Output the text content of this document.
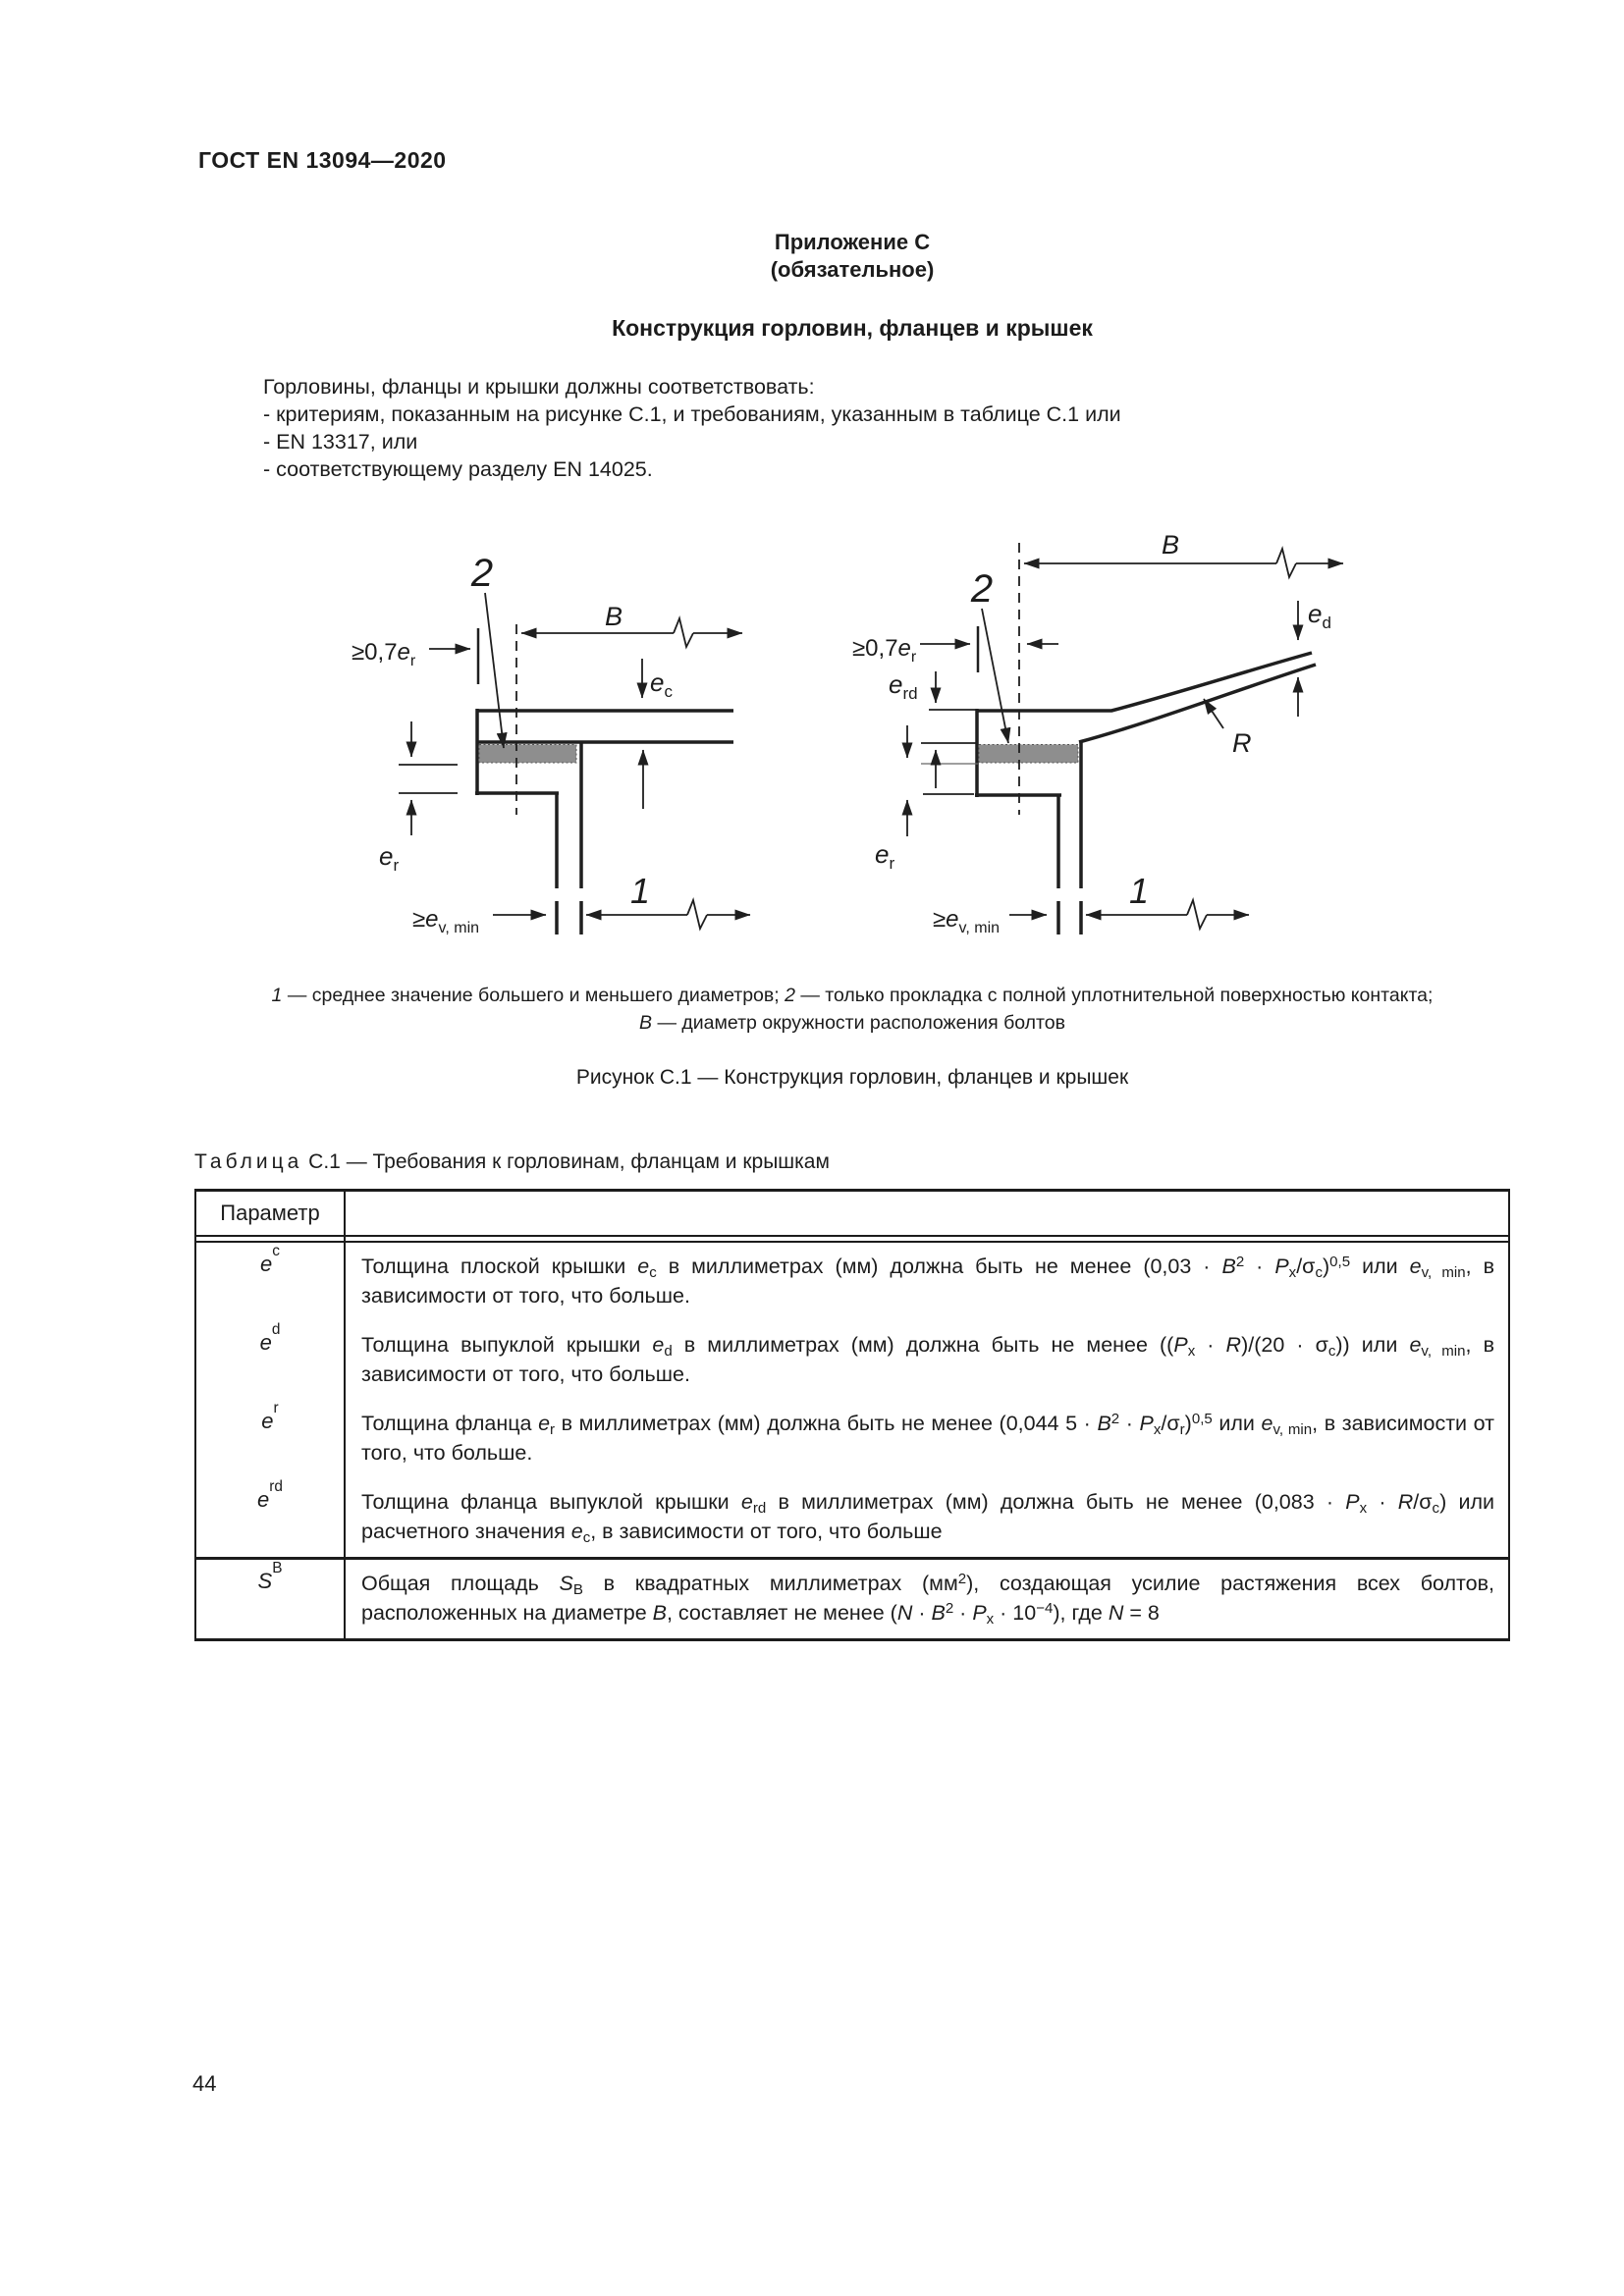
ГОСТ EN 13094—2020
Приложение С
(обязательное)
Конструкция горловин, фланцев и крышек
Горловины, фланцы и крышки должны соответствовать:
- критериям, показанным на рисунке С.1, и требованиям, указанным в таблице С.1 или
- EN 13317, или
- соответствующему разделу EN 14025.
2
$\ge 0,7e_r$
B
$e_c$
$e_r$
$\ge e_{v, min}$
1
2
$\ge 0,7e_r$
B
$e_{rd}$
$e_d$
$e_r$
R
$\ge e_{v, min}$
1
1 — среднее значение большего и меньшего диаметров; 2 — только прокладка с полной уплотнительной поверхностью контакта;
В — диаметр окружности расположения болтов
Рисунок С.1 — Конструкция горловин, фланцев и крышек
Таблица С.1 — Требования к горловинам, фланцам и крышкам
Параметр
e
c
Толщина плоской крышки $e_c$ в миллиметрах (мм) должна быть не менее $(0,03 \cdot B^2 \cdot P_x/\sigma_c)^{0,5}$ или $e_{v, min}$, в зависимости от того, что больше.
e
d
Толщина выпуклой крышки $e_d$ в миллиметрах (мм) должна быть не менее $((P_x \cdot R)/(20 \cdot \sigma_c))$ или $e_{v, min}$, в зависимости от того, что больше.
e
r
Толщина фланца $e_r$ в миллиметрах (мм) должна быть не менее (0,044 $5 \cdot B^2 \cdot P_x/\sigma_r)^{0,5}$ или $e_{v, min}$, в зависимости от того, что больше.
e
rd
Толщина фланца выпуклой крышки $e_{rd}$ в миллиметрах (мм) должна быть не менее $(0,083 \cdot P_x \cdot R/\sigma_c)$ или расчетного значения $e_c$, в зависимости от того, что больше
S
B
Общая площадь $S_B$ в квадратных миллиметрах $(мм^2)$, создающая усилие растяжения всех болтов, расположенных на диаметре B, составляет не менее $(N \cdot B^2 \cdot P_x \cdot 10^{-4})$, где N = 8
44
